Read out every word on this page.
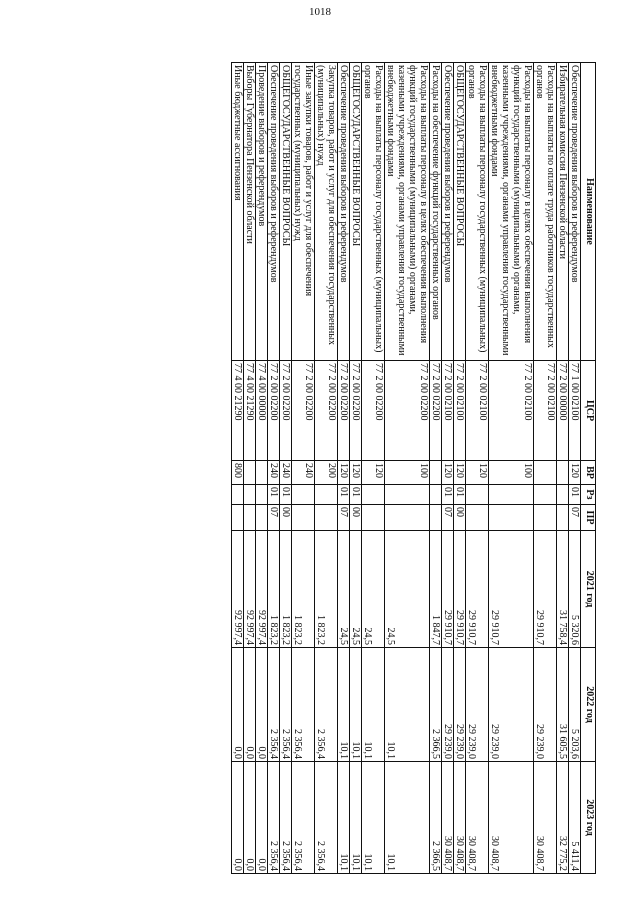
1018
Наименование	ЦСР	ВР	Рз	ПР	2021 год	2022 год	2023 год
Обеспечение проведения выборов и референдумов	77 1 00 02100	120	01	07	5 320,6	5 203,6	5 411,4
Избирательная комиссия Пензенской области	77 2 00 00000				31 758,4	31 605,5	32 775,2
Расходы на выплаты по оплате труда работников государственных органов	77 2 00 02100				29 910,7	29 239,0	30 408,7
Расходы на выплаты персоналу в целях обеспечения выполнения функций государственными (муниципальными) органами, казенными учреждениями, органами управления государственными внебюджетными фондами	77 2 00 02100	100			29 910,7	29 239,0	30 408,7
Расходы на выплаты персоналу государственных (муниципальных) органов	77 2 00 02100	120			29 910,7	29 239,0	30 408,7
ОБЩЕГОСУДАРСТВЕННЫЕ ВОПРОСЫ	77 2 00 02100	120	01	00	29 910,7	29 239,0	30 408,7
Обеспечение проведения выборов и референдумов	77 2 00 02100	120	01	07	29 910,7	29 239,0	30 408,7
Расходы на обеспечение функций государственных органов	77 2 00 02200				1 847,7	2 366,5	2 366,5
Расходы на выплаты персоналу в целях обеспечения выполнения функций государственными (муниципальными) органами, казенными учреждениями, органами управления государственными внебюджетными фондами	77 2 00 02200	100			24,5	10,1	10,1
Расходы на выплаты персоналу государственных (муниципальных) органов	77 2 00 02200	120			24,5	10,1	10,1
ОБЩЕГОСУДАРСТВЕННЫЕ ВОПРОСЫ	77 2 00 02200	120	01	00	24,5	10,1	10,1
Обеспечение проведения выборов и референдумов	77 2 00 02200	120	01	07	24,5	10,1	10,1
Закупка товаров, работ и услуг для обеспечения государственных (муниципальных) нужд	77 2 00 02200	200			1 823,2	2 356,4	2 356,4
Иные закупки товаров, работ и услуг для обеспечения государственных (муниципальных) нужд	77 2 00 02200	240			1 823,2	2 356,4	2 356,4
ОБЩЕГОСУДАРСТВЕННЫЕ ВОПРОСЫ	77 2 00 02200	240	01	00	1 823,2	2 356,4	2 356,4
Обеспечение проведения выборов и референдумов	77 2 00 02200	240	01	07	1 823,2	2 356,4	2 356,4
Проведение выборов и референдумов	77 4 00 00000				92 997,4	0,0	0,0
Выборы Губернатора Пензенской области	77 4 00 21290				92 997,4	0,0	0,0
Иные бюджетные ассигнования	77 4 00 21290	800			92 997,4	0,0	0,0
